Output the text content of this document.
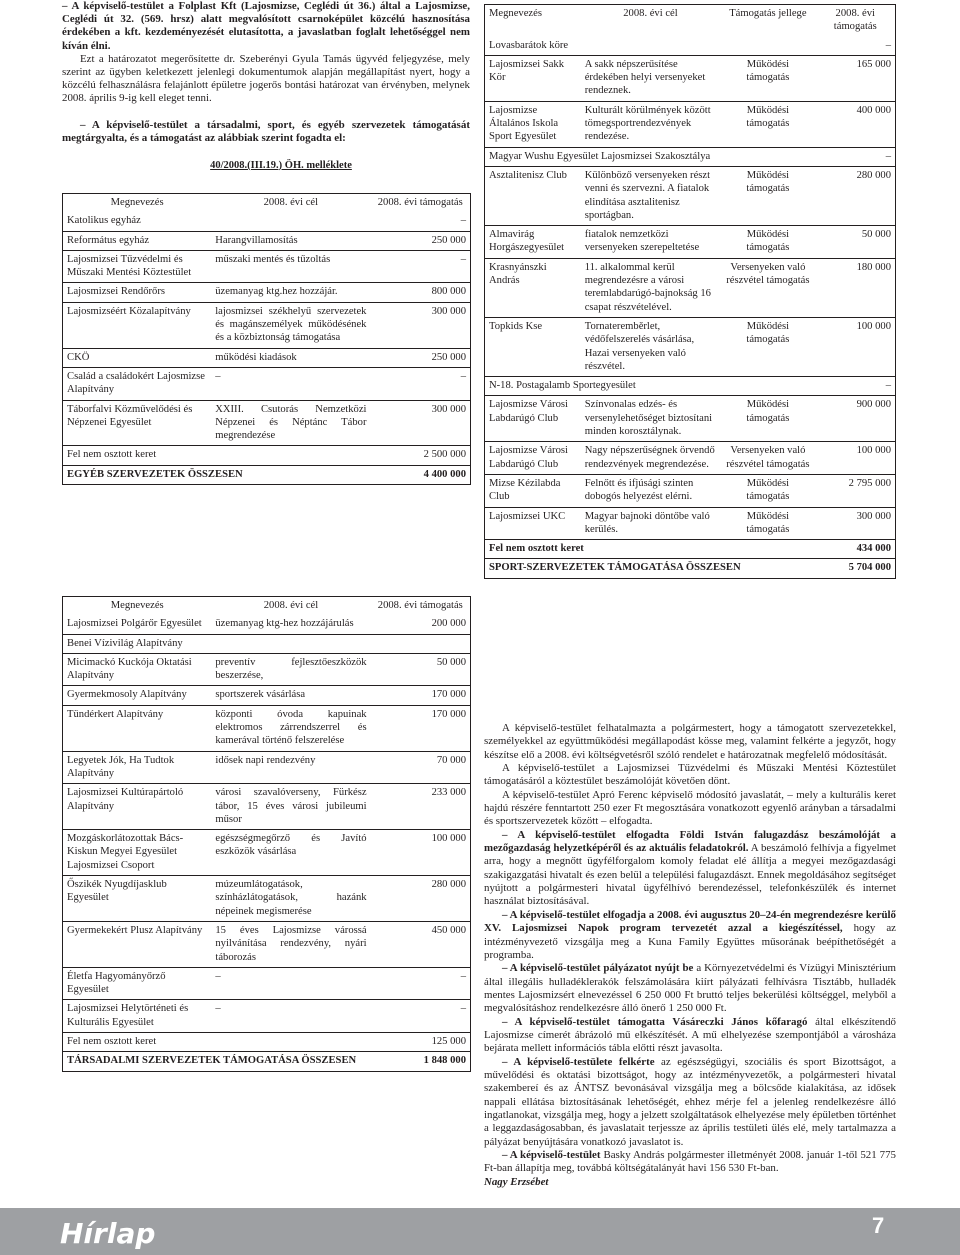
– A képviselő-testület a Folplast Kft (Lajosmizse, Ceglédi út 36.) által a Lajosmizse, Ceglédi út 32. (569. hrsz) alatt megvalósított csarnoképület közcélú hasznosítása érdekében a kft. kezdeményezését elutasította, a javaslatban foglalt lehetőséggel nem kíván élni.

Ezt a határozatot megerősítette dr. Szeberényi Gyula Tamás ügyvéd feljegyzése, mely szerint az ügyben keletkezett jelenlegi dokumentumok alapján megállapítást nyert, hogy a közcélú felhasználásra felajánlott épületre jogerős bontási határozat van érvényben, melynek 2008. április 9-ig kell eleget tenni.

– A képviselő-testület a társadalmi, sport, és egyéb szervezetek támogatását megtárgyalta, és a támogatást az alábbiak szerint fogadta el:

40/2008.(III.19.) ÖH. melléklete
Megnevezés	2008. évi cél	2008. évi támogatás
Katolikus egyház		–
Református egyház	Harangvillamosítás	250 000
Lajosmizsei Tűzvédelmi és Műszaki Mentési Köztestület	műszaki mentés és tűzoltás	–
Lajosmizsei Rendőrőrs	üzemanyag ktg.hez hozzájár.	800 000
Lajosmizséért Közalapítvány	lajosmizsei székhelyű szervezetek és magánszemélyek működésének és a közbiztonság támogatása	300 000
CKÖ	működési kiadások	250 000
Család a családokért Lajosmizse Alapítvány	–	–
Táborfalvi Közművelődési és Népzenei Egyesület	XXIII. Csutorás Nemzetközi Népzenei és Néptánc Tábor megrendezése	300 000
Fel nem osztott keret		2 500 000
EGYÉB SZERVEZETEK ÖSSZESEN		4 400 000
Megnevezés	2008. évi cél	2008. évi támogatás
Lajosmizsei Polgárőr Egyesület	üzemanyag ktg-hez hozzájárulás	200 000
Benei Vízivilág Alapítvány		
Micimackó Kuckója Oktatási Alapítvány	preventív fejlesztőeszközök beszerzése,	50 000
Gyermekmosoly Alapítvány	sportszerek vásárlása	170 000
Tündérkert Alapítvány	központi óvoda kapuinak elektromos zárrendszerrel és kamerával történő felszerelése	170 000
Legyetek Jók, Ha Tudtok Alapítvány	idősek napi rendezvény	70 000
Lajosmizsei Kultúrapártoló Alapítvány	városi szavalóverseny, Fürkész tábor, 15 éves városi jubileumi műsor	233 000
Mozgáskorlátozottak Bács-Kiskun Megyei Egyesület Lajosmizsei Csoport	egészségmegőrző és Javító eszközök vásárlása	100 000
Őszikék Nyugdíjasklub Egyesület	múzeumlátogatások, színházlátogatások, hazánk népeinek megismerése	280 000
Gyermekekért Plusz Alapítvány	15 éves Lajosmizse várossá nyilvánítása rendezvény, nyári táborozás	450 000
Életfa Hagyományőrző Egyesület	–	–
Lajosmizsei Helytörténeti és Kulturális Egyesület	–	–
Fel nem osztott keret		125 000
TÁRSADALMI SZERVEZETEK TÁMOGATÁSA ÖSSZESEN		1 848 000
Megnevezés	2008. évi cél	Támogatás jellege	2008. évi támogatás
Lovasbarátok köre			–
Lajosmizsei Sakk Kör	A sakk népszerűsítése érdekében helyi versenyeket rendeznek.	Működési támogatás	165 000
Lajosmizse Általános Iskola Sport Egyesület	Kulturált körülmények között tömegsportrendezvények rendezése.	Működési támogatás	400 000
Magyar Wushu Egyesület Lajosmizsei Szakosztálya			–
Asztalitenisz Club	Különböző versenyeken részt venni és szervezni. A fiatalok elindítása asztalitenisz sportágban.	Működési támogatás	280 000
Almavirág Horgászegyesület	fiatalok nemzetközi versenyeken szerepeltetése	Működési támogatás	50 000
Krasnyánszki András	11. alkalommal kerül megrendezésre a városi teremlabdarúgó-bajnokság 16 csapat részvételével.	Versenyeken való részvétel támogatás	180 000
Topkids Kse	Tornateremběrlet, védőfelszerelés vásárlása, Hazai versenyeken való részvétel.	Működési támogatás	100 000
N-18. Postagalamb Sportegyesület			–
Lajosmizse Városi Labdarúgó Club	Színvonalas edzés- és versenylehetőséget biztosítani minden korosztálynak.	Működési támogatás	900 000
Lajosmizse Városi Labdarúgó Club	Nagy népszerűségnek örvendő rendezvények megrendezése.	Versenyeken való részvétel támogatás	100 000
Mizse Kézilabda Club	Felnőtt és ifjúsági szinten dobogós helyezést elérni.	Működési támogatás	2 795 000
Lajosmizsei UKC	Magyar bajnoki döntőbe való kerülés.	Működési támogatás	300 000
Fel nem osztott keret			434 000
SPORT-SZERVEZETEK TÁMOGATÁSA ÖSSZESEN			5 704 000

A képviselő-testület felhatalmazta a polgármestert, hogy a támogatott szervezetekkel, személyekkel az együttműködési megállapodást kösse meg, valamint felkérte a jegyzőt, hogy készítse elő a 2008. évi költségvetésről szóló rendelet e határozatnak megfelelő módosítását.

A képviselő-testület a Lajosmizsei Tűzvédelmi és Műszaki Mentési Köztestület támogatásáról a köztestület beszámolóját követően dönt.

A képviselő-testület Apró Ferenc képviselő módosító javaslatát, – mely a kulturális keret hajdú részére fenntartott 250 ezer Ft megosztására vonatkozott egyenlő arányban a társadalmi és sportszervezetek között – elfogadta.

– A képviselő-testület elfogadta Földi István falugazdász beszámolóját a mezőgazdaság helyzetképéről és az aktuális feladatokról. A beszámoló felhívja a figyelmet arra, hogy a megnőtt ügyfélforgalom komoly feladat elé állítja a megyei mezőgazdasági szakigazgatási hivatalt és ezen belül a települési falugazdászt. Ennek megoldásához segítséget nyújtott a polgármesteri hivatal ügyfélhívó berendezéssel, telefonkészülék és internet használat biztosításával.

– A képviselő-testület elfogadja a 2008. évi augusztus 20–24-én megrendezésre kerülő XV. Lajosmizsei Napok program tervezetét azzal a kiegészítéssel, hogy az intézményvezető vizsgálja meg a Kuna Family Együttes műsorának beépíthetőségét a programba.

– A képviselő-testület pályázatot nyújt be a Környezetvédelmi és Vízügyi Minisztérium által illegális hulladéklerakók felszámolására kiírt pályázati felhívásra Tisztább, hulladék mentes Lajosmizsért elnevezéssel 6 250 000 Ft bruttó teljes bekerülési költséggel, melyből a megvalósításhoz rendelkezésre álló önerő 1 250 000 Ft.

– A képviselő-testület támogatta Vásáreczki János kőfaragó által elkészítendő Lajosmizse címerét ábrázoló mű elkészítését. A mű elhelyezése szempontjából a városháza bejárata mellett információs tábla előtti részt javasolta.

– A képviselő-testülete felkérte az egészségügyi, szociális és sport Bizottságot, a művelődési és oktatási bizottságot, hogy az intézményvezetők, a polgármesteri hivatal szakembereí és az ÁNTSZ bevonásával vizsgálja meg a bölcsőde kialakítása, az idősek nappali ellátása biztosításának lehetőségét, ehhez mérje fel a jelenleg rendelkezésre álló ingatlanokat, vizsgálja meg, hogy a jelzett szolgáltatások elhelyezése mely épületben történhet a leggazdaságosabban, és javaslatait terjessze az április testületi ülés elé, mely tartalmazza a pályázat benyújtására vonatkozó javaslatot is.

– A képviselő-testület Basky András polgármester illetményét 2008. január 1-től 521 775 Ft-ban állapítja meg, továbbá költségátalányát havi 156 530 Ft-ban.

Nagy Erzsébet

Hírlap	7
